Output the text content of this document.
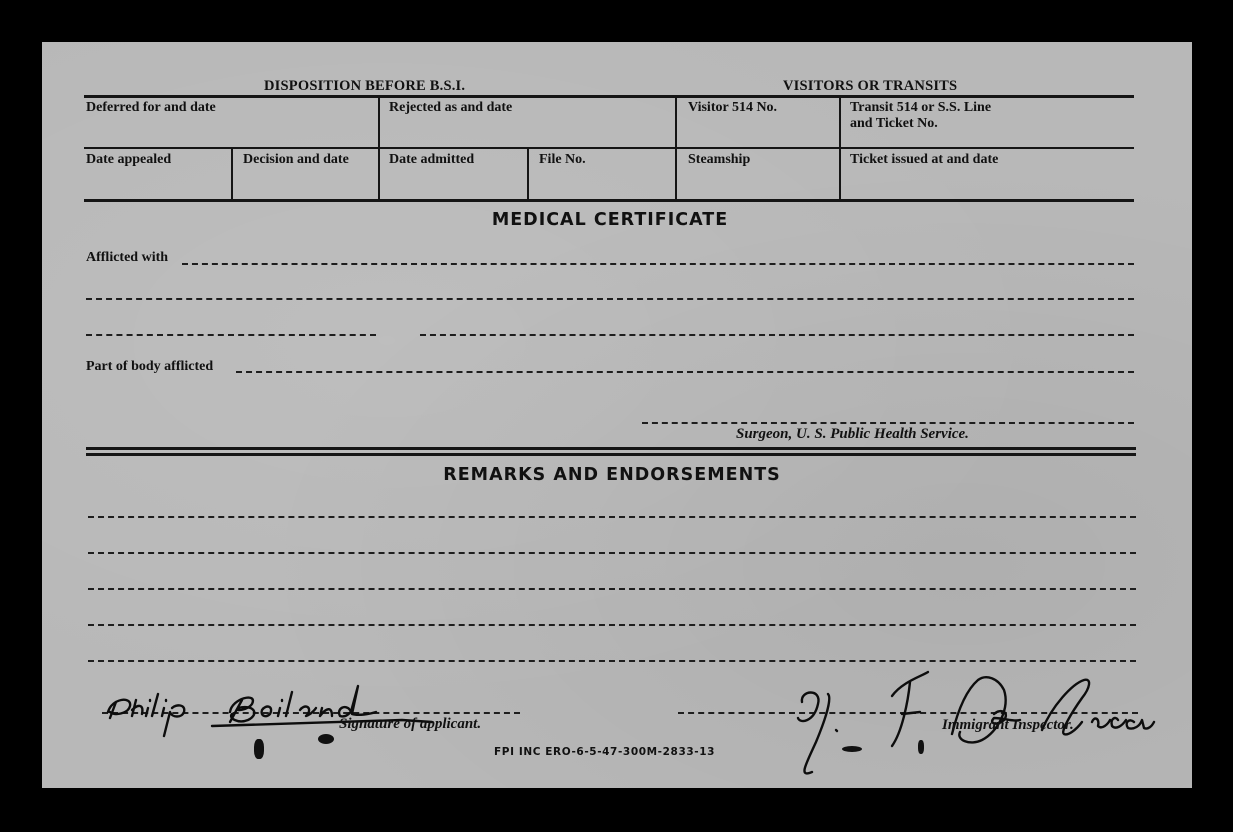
DISPOSITION BEFORE B.S.I.	VISITORS OR TRANSITS
Deferred for and date	Rejected as and date	Visitor 514 No.	Transit 514 or S.S. Line
and Ticket No.
Date appealed	Decision and date	Date admitted	File No.	Steamship	Ticket issued at and date
MEDICAL CERTIFICATE
Afflicted with
Part of body afflicted
Surgeon, U. S. Public Health Service.
REMARKS AND ENDORSEMENTS
Signature of applicant.	Immigrant Inspector.
FPI INC ERO-6-5-47-300M-2833-13
